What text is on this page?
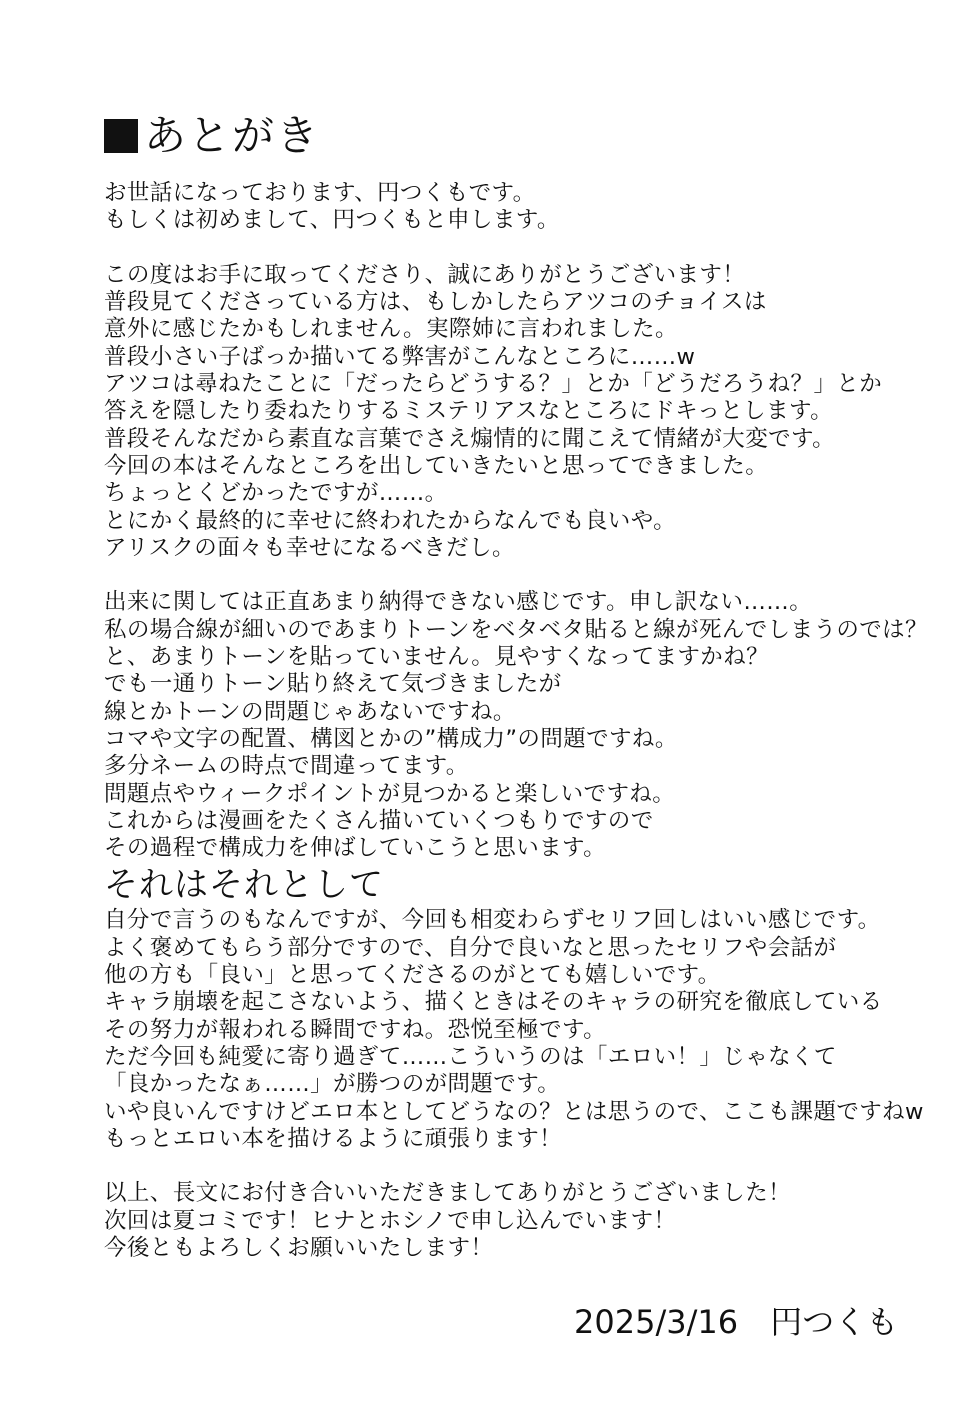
あとがき
お世話になっております、円つくもです。
もしくは初めまして、円つくもと申します。
この度はお手に取ってくださり、誠にありがとうございます！
普段見てくださっている方は、もしかしたらアツコのチョイスは
意外に感じたかもしれません。実際姉に言われました。
普段小さい子ばっか描いてる弊害がこんなところに……w
アツコは尋ねたことに「だったらどうする？」とか「どうだろうね？」とか
答えを隠したり委ねたりするミステリアスなところにドキっとします。
普段そんなだから素直な言葉でさえ煽情的に聞こえて情緒が大変です。
今回の本はそんなところを出していきたいと思ってできました。
ちょっとくどかったですが……。
とにかく最終的に幸せに終われたからなんでも良いや。
アリスクの面々も幸せになるべきだし。
出来に関しては正直あまり納得できない感じです。申し訳ない……。
私の場合線が細いのであまりトーンをベタベタ貼ると線が死んでしまうのでは？
と、あまりトーンを貼っていません。見やすくなってますかね？
でも一通りトーン貼り終えて気づきましたが
線とかトーンの問題じゃあないですね。
コマや文字の配置、構図とかの”構成力”の問題ですね。
多分ネームの時点で間違ってます。
問題点やウィークポイントが見つかると楽しいですね。
これからは漫画をたくさん描いていくつもりですので
その過程で構成力を伸ばしていこうと思います。
それはそれとして
自分で言うのもなんですが、今回も相変わらずセリフ回しはいい感じです。
よく褒めてもらう部分ですので、自分で良いなと思ったセリフや会話が
他の方も「良い」と思ってくださるのがとても嬉しいです。
キャラ崩壊を起こさないよう、描くときはそのキャラの研究を徹底している
その努力が報われる瞬間ですね。恐悦至極です。
ただ今回も純愛に寄り過ぎて……こういうのは「エロい！」じゃなくて
「良かったなぁ……」が勝つのが問題です。
いや良いんですけどエロ本としてどうなの？とは思うので、ここも課題ですねw
もっとエロい本を描けるように頑張ります！
以上、長文にお付き合いいただきましてありがとうございました！
次回は夏コミです！ヒナとホシノで申し込んでいます！
今後ともよろしくお願いいたします！
2025/3/16 円つくも
